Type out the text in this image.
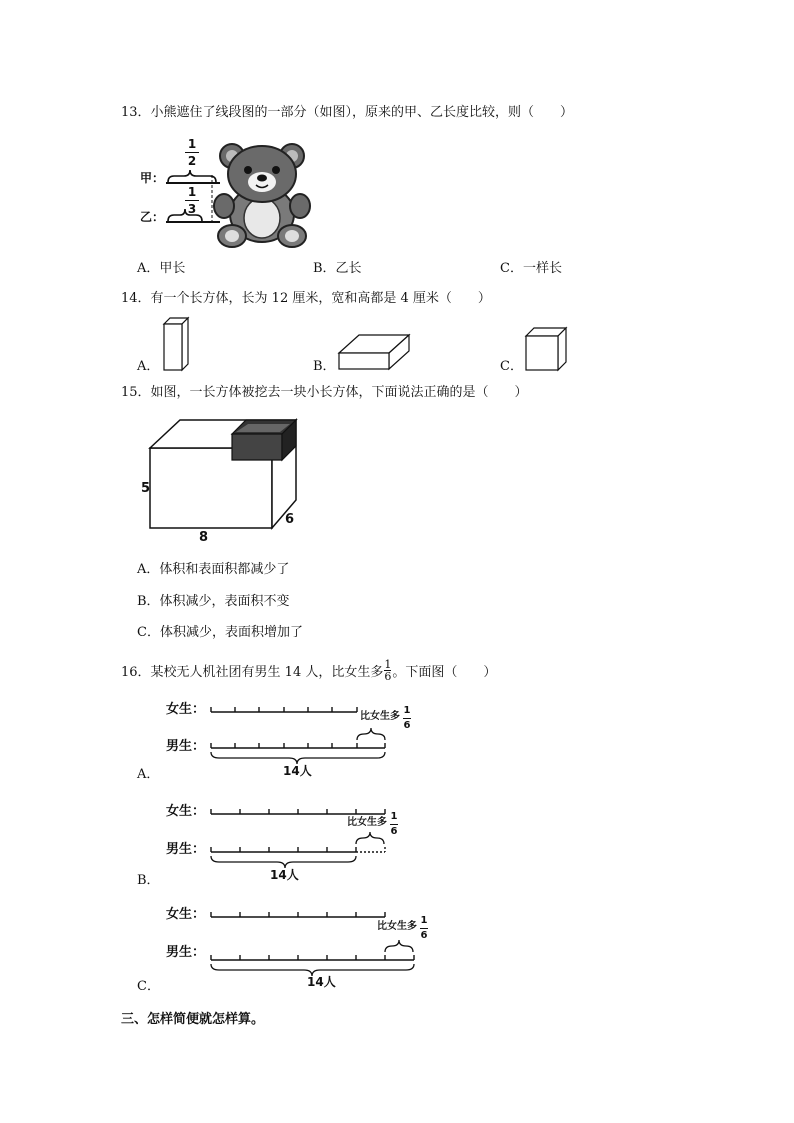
13．小熊遮住了线段图的一部分（如图），原来的甲、乙长度比较，则（　　）
甲：
乙：
1
2
1
3
A．甲长	B．乙长	C．一样长
14．有一个长方体，长为 12 厘米，宽和高都是 4 厘米（　　）
A．	B．	C．
15．如图，一长方体被挖去一块小长方体，下面说法正确的是（　　）
5
8
6
A．体积和表面积都减少了
B．体积减少，表面积不变
C．体积减少，表面积增加了
16．某校无人机社团有男生 14 人，比女生多 $\frac{1}{6}$ 。下面图（　　）
女生：
男生：
比女生多
1
6
14人
A．
女生：
男生：
比女生多
1
6
14人
B．
女生：
男生：
比女生多
1
6
14人
C．
三、怎样简便就怎样算。
